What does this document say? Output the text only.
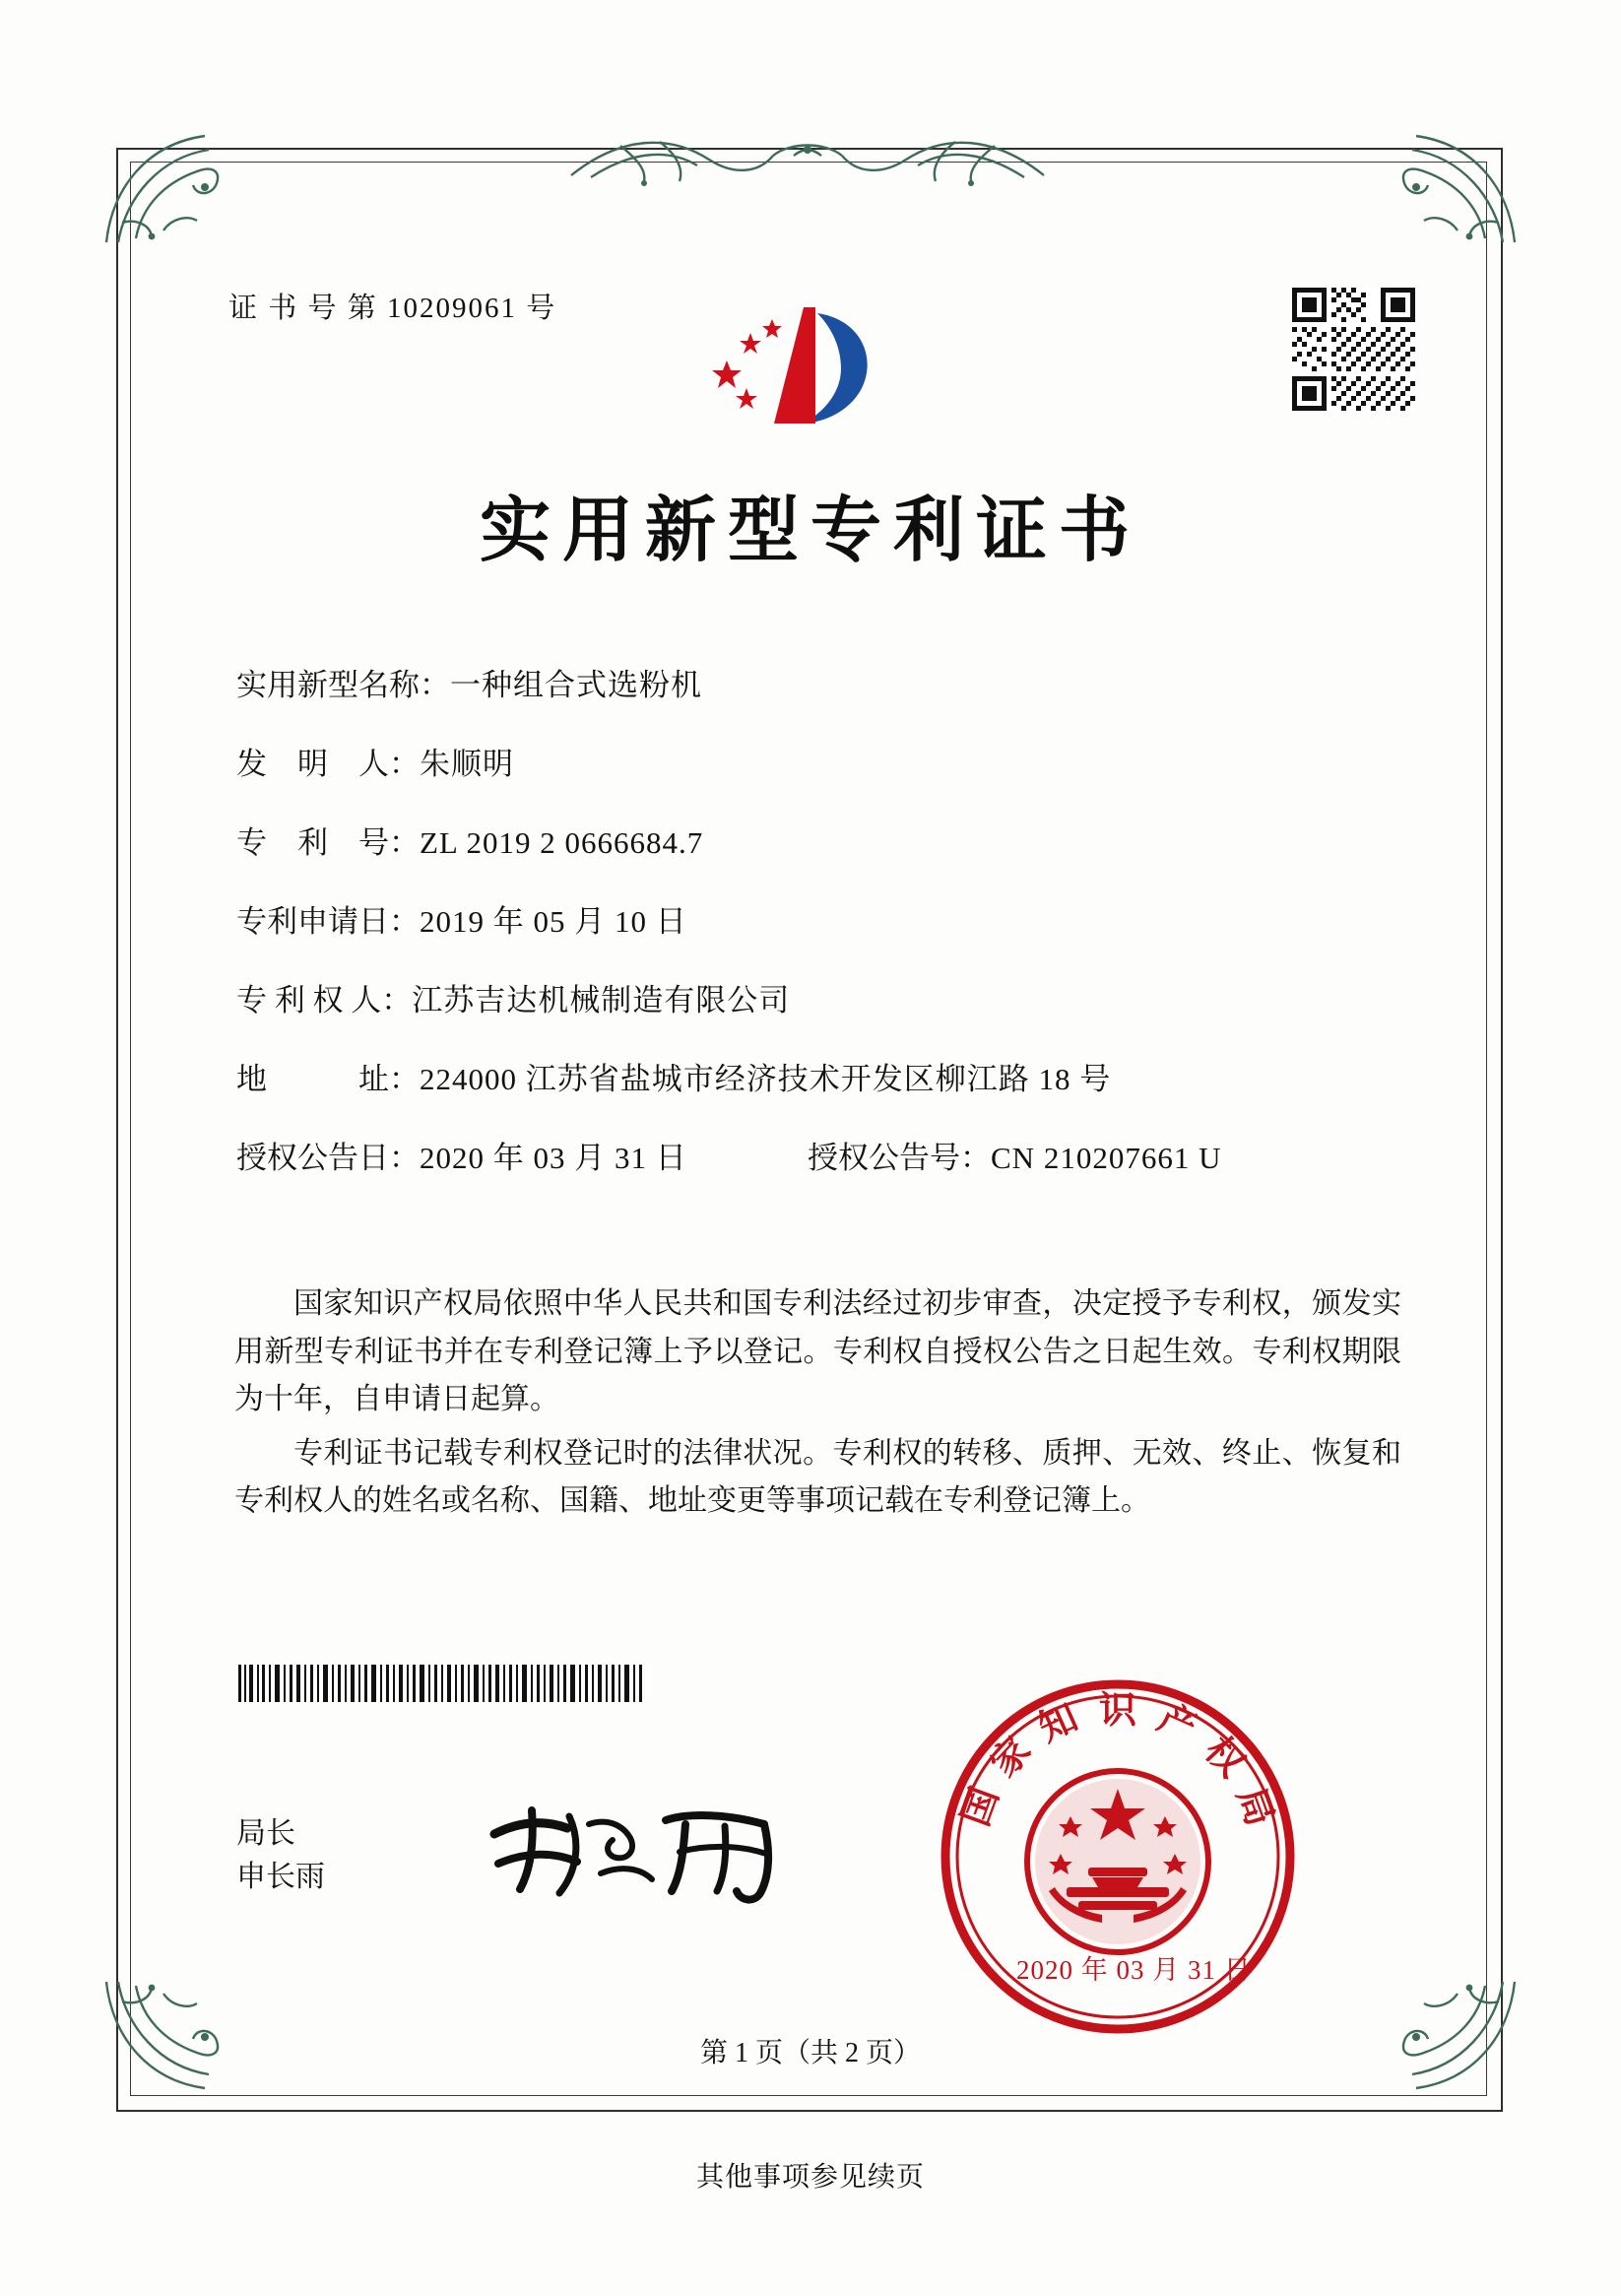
证 书 号 第 10209061 号
实用新型专利证书
实用新型名称：一种组合式选粉机
发　明　人：朱顺明
专　利　号：ZL 2019 2 0666684.7
专利申请日：2019 年 05 月 10 日
专 利 权 人：江苏吉达机械制造有限公司
地　　　址：224000 江苏省盐城市经济技术开发区柳江路 18 号
授权公告日：2020 年 03 月 31 日	授权公告号：CN 210207661 U

国家知识产权局依照中华人民共和国专利法经过初步审查，决定授予专利权，颁发实用新型专利证书并在专利登记簿上予以登记。专利权自授权公告之日起生效。专利权期限为十年，自申请日起算。

专利证书记载专利权登记时的法律状况。专利权的转移、质押、无效、终止、恢复和专利权人的姓名或名称、国籍、地址变更等事项记载在专利登记簿上。

局长
申长雨
国
家
知 识 产
权
局
2020 年 03 月 31 日
第 1 页（共 2 页）
其他事项参见续页
